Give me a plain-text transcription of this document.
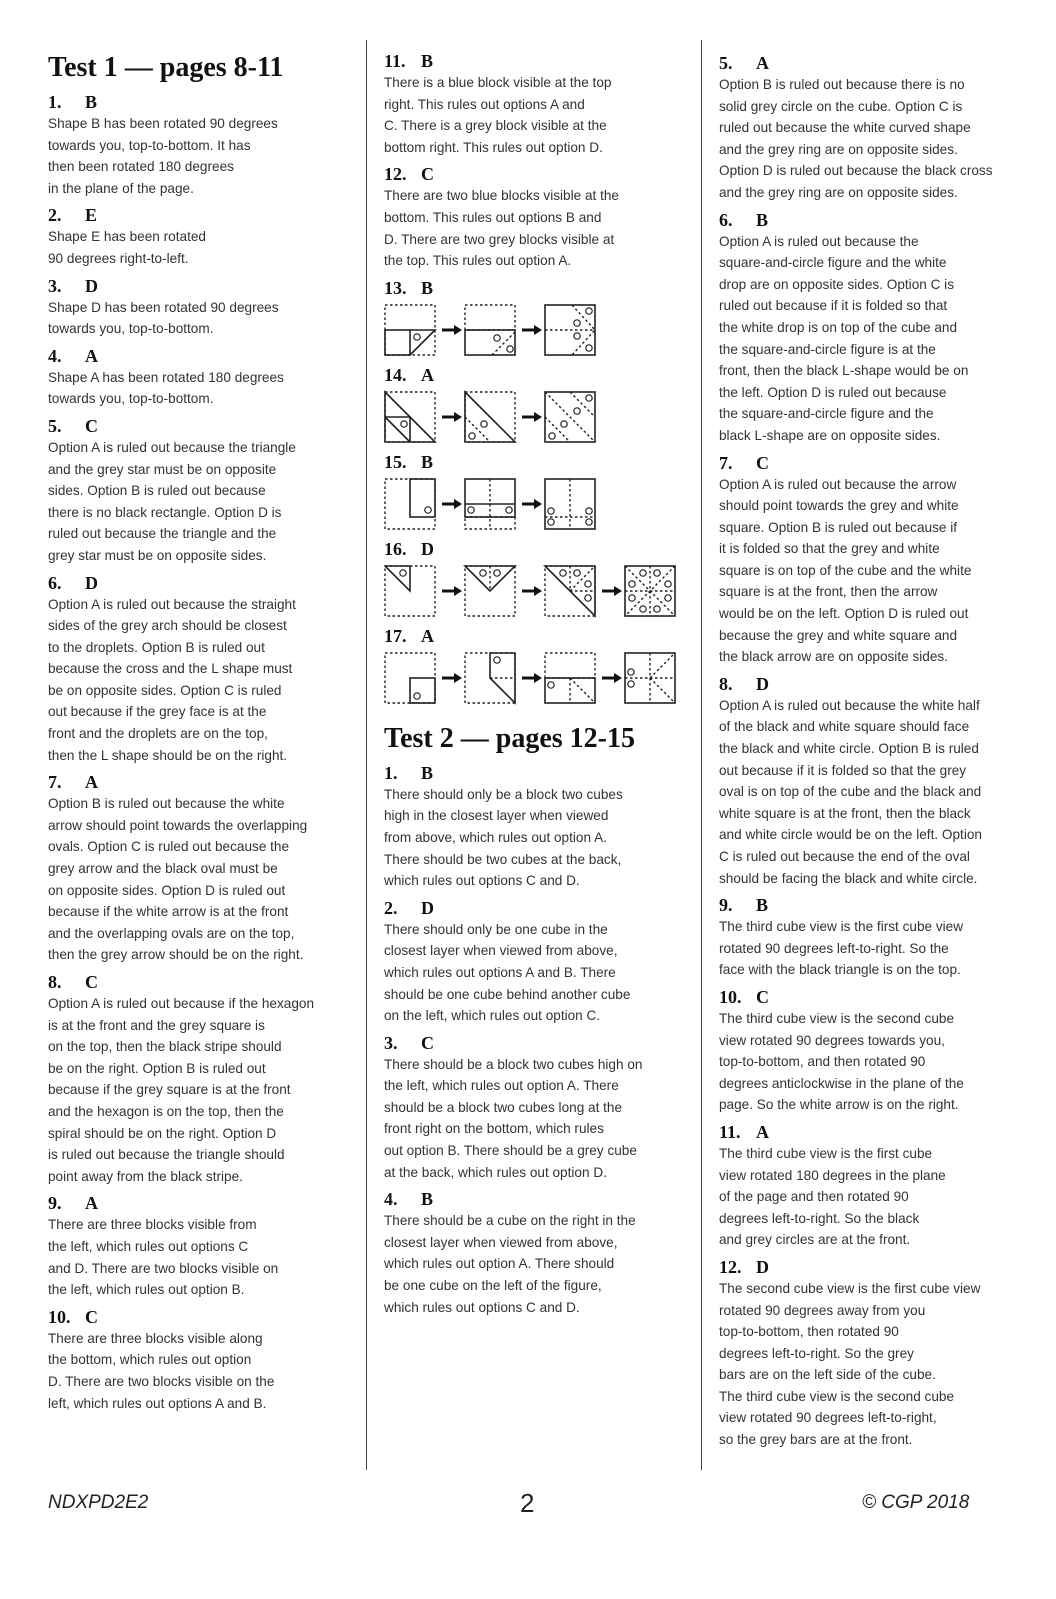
Test 1 — pages 8-11
1.	B
Shape B has been rotated 90 degrees
towards you, top-to-bottom. It has
then been rotated 180 degrees
in the plane of the page.
2.	E
Shape E has been rotated
90 degrees right-to-left.
3.	D
Shape D has been rotated 90 degrees
towards you, top-to-bottom.
4.	A
Shape A has been rotated 180 degrees
towards you, top-to-bottom.
5.	C
Option A is ruled out because the triangle
and the grey star must be on opposite
sides. Option B is ruled out because
there is no black rectangle. Option D is
ruled out because the triangle and the
grey star must be on opposite sides.
6.	D
Option A is ruled out because the straight
sides of the grey arch should be closest
to the droplets. Option B is ruled out
because the cross and the L shape must
be on opposite sides. Option C is ruled
out because if the grey face is at the
front and the droplets are on the top,
then the L shape should be on the right.
7.	A
Option B is ruled out because the white
arrow should point towards the overlapping
ovals. Option C is ruled out because the
grey arrow and the black oval must be
on opposite sides. Option D is ruled out
because if the white arrow is at the front
and the overlapping ovals are on the top,
then the grey arrow should be on the right.
8.	C
Option A is ruled out because if the hexagon
is at the front and the grey square is
on the top, then the black stripe should
be on the right. Option B is ruled out
because if the grey square is at the front
and the hexagon is on the top, then the
spiral should be on the right. Option D
is ruled out because the triangle should
point away from the black stripe.
9.	A
There are three blocks visible from
the left, which rules out options C
and D. There are two blocks visible on
the left, which rules out option B.
10. C
There are three blocks visible along
the bottom, which rules out option
D. There are two blocks visible on the
left, which rules out options A and B.
11. B
There is a blue block visible at the top
right. This rules out options A and
C. There is a grey block visible at the
bottom right. This rules out option D.
12. C
There are two blue blocks visible at the
bottom. This rules out options B and
D. There are two grey blocks visible at
the top. This rules out option A.
13. B
14. A
15. B
16. D
17. A
Test 2 — pages 12-15
1.	B
There should only be a block two cubes
high in the closest layer when viewed
from above, which rules out option A.
There should be two cubes at the back,
which rules out options C and D.
2.	D
There should only be one cube in the
closest layer when viewed from above,
which rules out options A and B. There
should be one cube behind another cube
on the left, which rules out option C.
3.	C
There should be a block two cubes high on
the left, which rules out option A. There
should be a block two cubes long at the
front right on the bottom, which rules
out option B. There should be a grey cube
at the back, which rules out option D.
4.	B
There should be a cube on the right in the
closest layer when viewed from above,
which rules out option A. There should
be one cube on the left of the figure,
which rules out options C and D.
5.	A
Option B is ruled out because there is no
solid grey circle on the cube. Option C is
ruled out because the white curved shape
and the grey ring are on opposite sides.
Option D is ruled out because the black cross
and the grey ring are on opposite sides.
6.	B
Option A is ruled out because the
square-and-circle figure and the white
drop are on opposite sides. Option C is
ruled out because if it is folded so that
the white drop is on top of the cube and
the square-and-circle figure is at the
front, then the black L-shape would be on
the left. Option D is ruled out because
the square-and-circle figure and the
black L-shape are on opposite sides.
7.	C
Option A is ruled out because the arrow
should point towards the grey and white
square. Option B is ruled out because if
it is folded so that the grey and white
square is on top of the cube and the white
square is at the front, then the arrow
would be on the left. Option D is ruled out
because the grey and white square and
the black arrow are on opposite sides.
8.	D
Option A is ruled out because the white half
of the black and white square should face
the black and white circle. Option B is ruled
out because if it is folded so that the grey
oval is on top of the cube and the black and
white square is at the front, then the black
and white circle would be on the left. Option
C is ruled out because the end of the oval
should be facing the black and white circle.
9.	B
The third cube view is the first cube view
rotated 90 degrees left-to-right. So the
face with the black triangle is on the top.
10. C
The third cube view is the second cube
view rotated 90 degrees towards you,
top-to-bottom, and then rotated 90
degrees anticlockwise in the plane of the
page. So the white arrow is on the right.
11. A
The third cube view is the first cube
view rotated 180 degrees in the plane
of the page and then rotated 90
degrees left-to-right. So the black
and grey circles are at the front.
12. D
The second cube view is the first cube view
rotated 90 degrees away from you
top-to-bottom, then rotated 90
degrees left-to-right. So the grey
bars are on the left side of the cube.
The third cube view is the second cube
view rotated 90 degrees left-to-right,
so the grey bars are at the front.
NDXPD2E2	2	© CGP 2018
